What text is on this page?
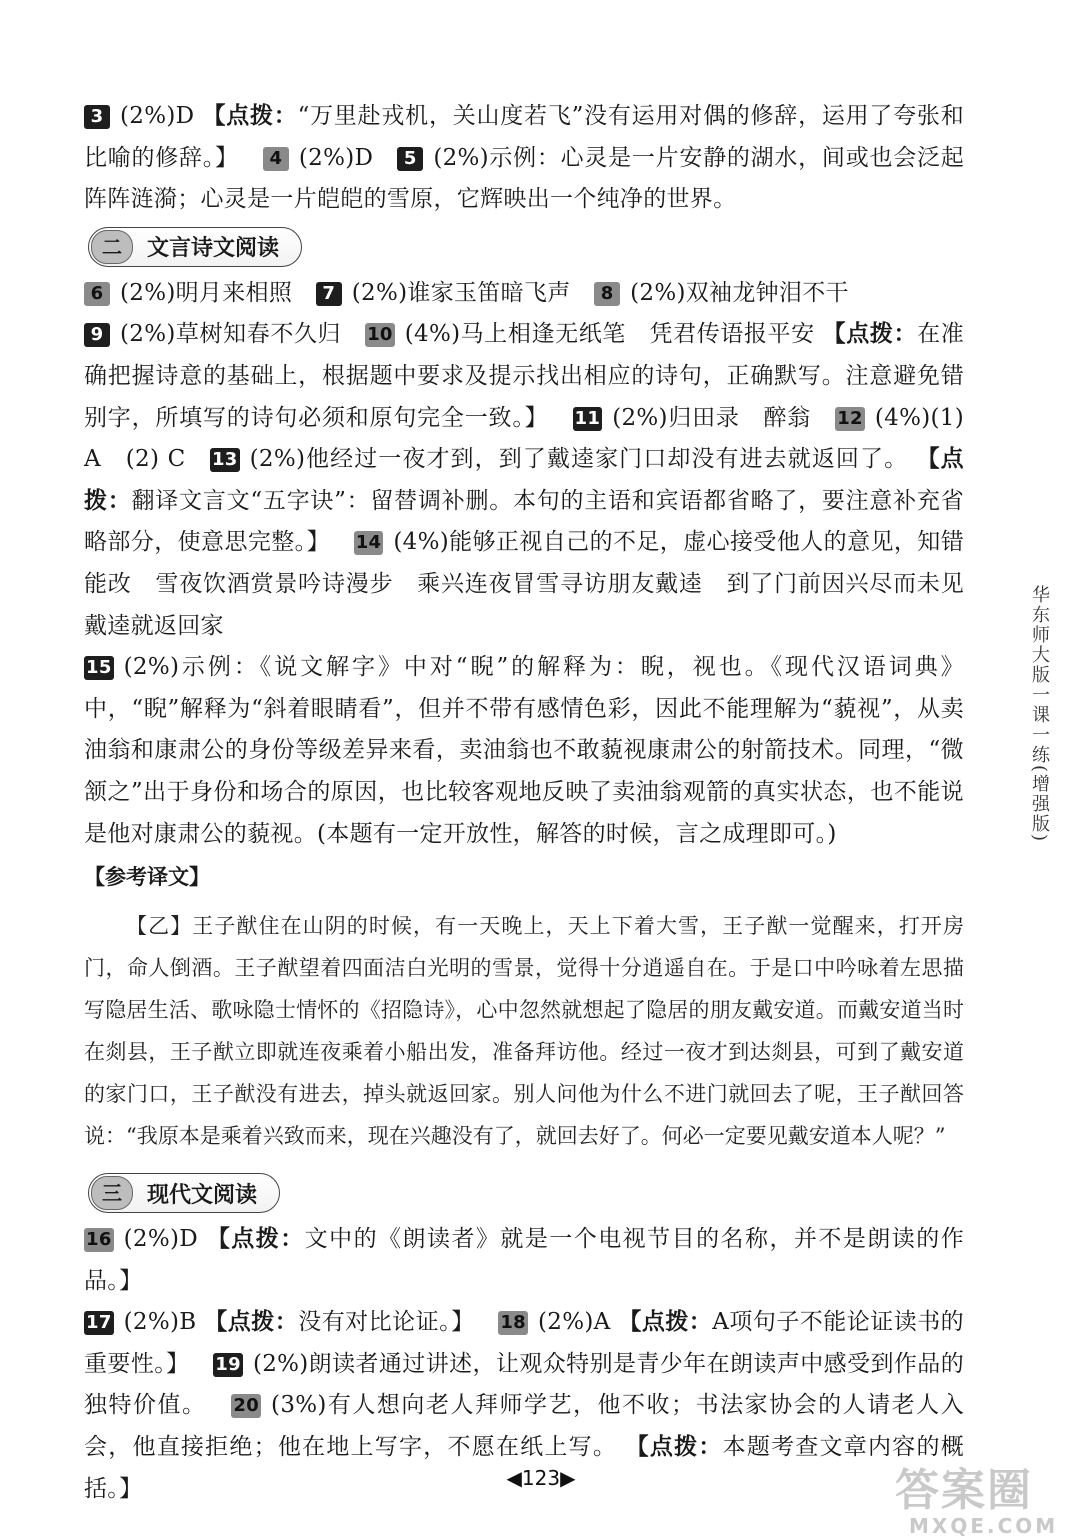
3 (2%)D 【点拨：“万里赴戎机，关山度若飞”没有运用对偶的修辞，运用了夸张和比喻的修辞。】 4 (2%)D 5 (2%)示例：心灵是一片安静的湖水，间或也会泛起阵阵涟漪；心灵是一片皑皑的雪原，它辉映出一个纯净的世界。

二	文言诗文阅读

6 (2%)明月来相照 7 (2%)谁家玉笛暗飞声 8 (2%)双袖龙钟泪不干

9 (2%)草树知春不久归 10 (4%)马上相逢无纸笔　凭君传语报平安 【点拨：在准确把握诗意的基础上，根据题中要求及提示找出相应的诗句，正确默写。注意避免错别字，所填写的诗句必须和原句完全一致。】 11 (2%)归田录　醉翁 12 (4%)(1) A　(2) C 13 (2%)他经过一夜才到，到了戴逵家门口却没有进去就返回了。 【点拨：翻译文言文“五字诀”：留替调补删。本句的主语和宾语都省略了，要注意补充省略部分，使意思完整。】 14 (4%)能够正视自己的不足，虚心接受他人的意见，知错能改　雪夜饮酒赏景吟诗漫步　乘兴连夜冒雪寻访朋友戴逵　到了门前因兴尽而未见戴逵就返回家

15 (2%)示例：《说文解字》中对“睨”的解释为：睨，视也。《现代汉语词典》中，“睨”解释为“斜着眼睛看”，但并不带有感情色彩，因此不能理解为“藐视”，从卖油翁和康肃公的身份等级差异来看，卖油翁也不敢藐视康肃公的射箭技术。同理，“微颔之”出于身份和场合的原因，也比较客观地反映了卖油翁观箭的真实状态，也不能说是他对康肃公的藐视。(本题有一定开放性，解答的时候，言之成理即可。)

【参考译文】

【乙】王子猷住在山阴的时候，有一天晚上，天上下着大雪，王子猷一觉醒来，打开房门，命人倒酒。王子猷望着四面洁白光明的雪景，觉得十分逍遥自在。于是口中吟咏着左思描写隐居生活、歌咏隐士情怀的《招隐诗》，心中忽然就想起了隐居的朋友戴安道。而戴安道当时在剡县，王子猷立即就连夜乘着小船出发，准备拜访他。经过一夜才到达剡县，可到了戴安道的家门口，王子猷没有进去，掉头就返回家。别人问他为什么不进门就回去了呢，王子猷回答说：“我原本是乘着兴致而来，现在兴趣没有了，就回去好了。何必一定要见戴安道本人呢？”

三	现代文阅读

16 (2%)D 【点拨：文中的《朗读者》就是一个电视节目的名称，并不是朗读的作品。】

17 (2%)B 【点拨：没有对比论证。】 18 (2%)A 【点拨：A项句子不能论证读书的重要性。】 19 (2%)朗读者通过讲述，让观众特别是青少年在朗读声中感受到作品的独特价值。 20 (3%)有人想向老人拜师学艺，他不收；书法家协会的人请老人入会，他直接拒绝；他在地上写字，不愿在纸上写。 【点拨：本题考查文章内容的概括。】

华东师大版一课一练(增强版)
◀123▶	答案圈
MXQE.COM
